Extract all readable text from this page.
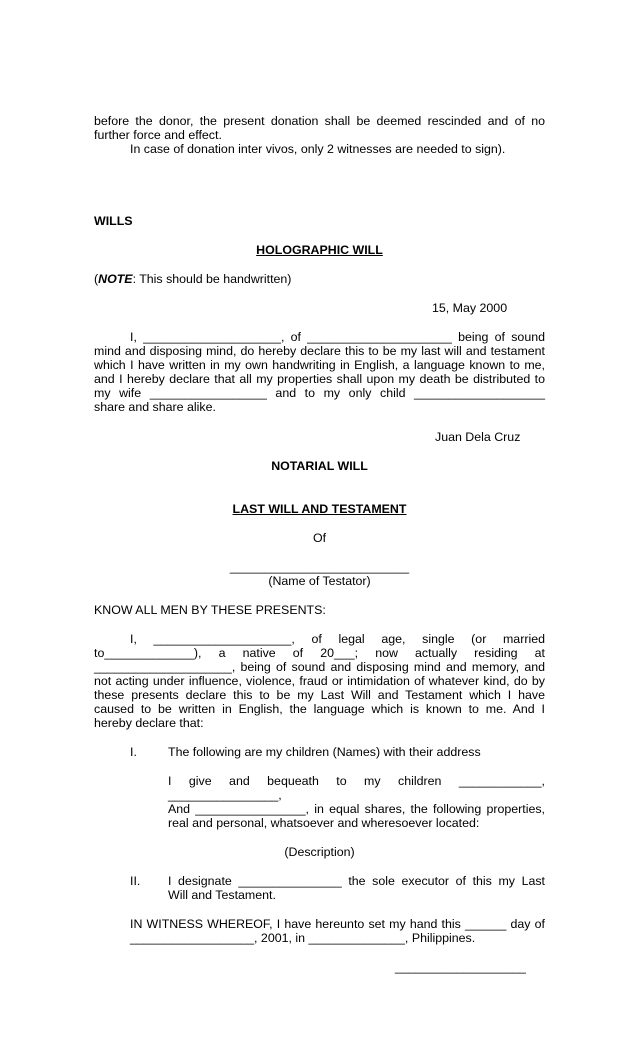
before the donor, the present donation shall be deemed rescinded and of no
further force and effect.
In case of donation inter vivos, only 2 witnesses are needed to sign).
WILLS
HOLOGRAPHIC WILL
(NOTE: This should be handwritten)
15, May 2000
I, ____________________, of _____________________ being of sound
mind and disposing mind, do hereby declare this to be my last will and testament
which I have written in my own handwriting in English, a language known to me,
and I hereby declare that all my properties shall upon my death be distributed to
my wife _________________ and to my only child ___________________
share and share alike.
Juan Dela Cruz
NOTARIAL WILL
LAST WILL AND TESTAMENT
Of
__________________________
(Name of Testator)
KNOW ALL MEN BY THESE PRESENTS:
I, ____________________, of legal age, single (or married
to_____________), a native of 20___; now actually residing at
____________________, being of sound and disposing mind and memory, and
not acting under influence, violence, fraud or intimidation of whatever kind, do by
these presents declare this to be my Last Will and Testament which I have
caused to be written in English, the language which is known to me. And I
hereby declare that:
I.	The following are my children (Names) with their address
I give and bequeath to my children ____________,
________________,
And ________________, in equal shares, the following properties,
real and personal, whatsoever and wheresoever located:
(Description)
II. I designate _______________ the sole executor of this my Last
Will and Testament.
IN WITNESS WHEREOF, I have hereunto set my hand this ______ day of
__________________, 2001, in ______________, Philippines.
___________________
